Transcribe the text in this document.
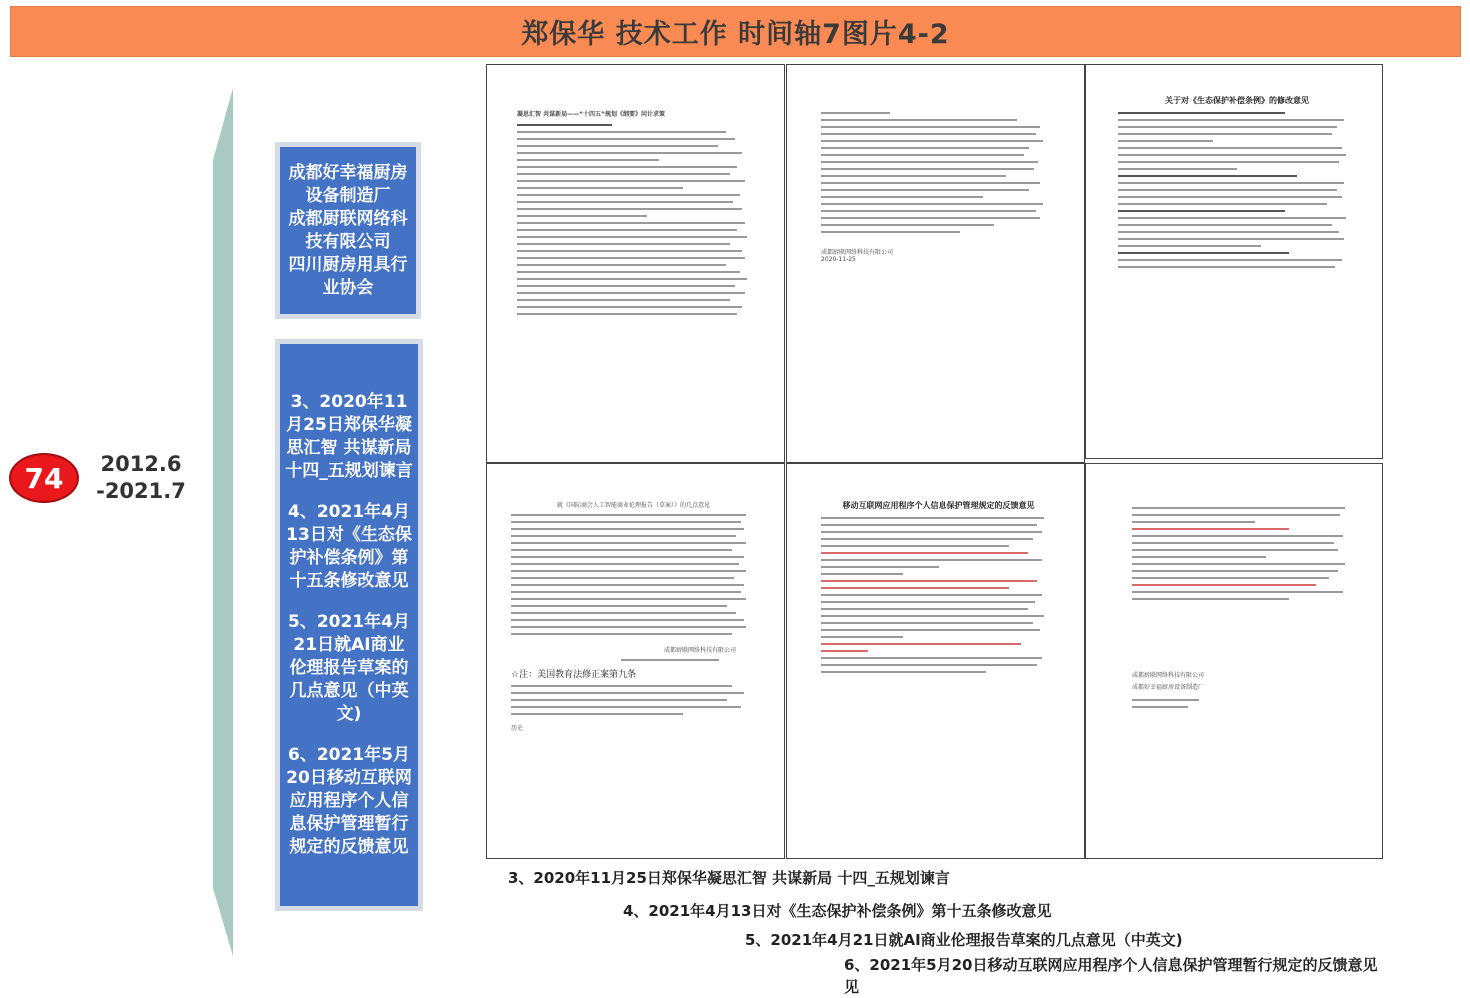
郑保华 技术工作 时间轴7图片4-2
74 2012.6
-2021.7
成都好幸福厨房
设备制造厂
成都厨联网络科
技有限公司
四川厨房用具行
业协会
3、2020年11月25日郑保华凝思汇智 共谋新局 十四_五规划谏言
4、2021年4月13日对《生态保护补偿条例》第十五条修改意见
5、2021年4月21日就AI商业伦理报告草案的几点意见（中英文)
6、2021年5月20日移动互联网应用程序个人信息保护管理暂行规定的反馈意见
凝思汇智 共谋新局——“十四五”规划《纲要》问计求策
成都厨联网络科技有限公司
2020-11-25
关于对《生态保护补偿条例》的修改意见
就《国际商会人工智能商业伦理报告（草案）》的几点意见
成都厨联网络科技有限公司
☆注：美国教育法修正案第九条
历史
移动互联网应用程序个人信息保护管理规定的反馈意见
成都厨联网络科技有限公司
成都好幸福厨房设备制造厂
3、2020年11月25日郑保华凝思汇智 共谋新局 十四_五规划谏言
4、2021年4月13日对《生态保护补偿条例》第十五条修改意见
5、2021年4月21日就AI商业伦理报告草案的几点意见（中英文)
6、2021年5月20日移动互联网应用程序个人信息保护管理暂行规定的反馈意见
见
